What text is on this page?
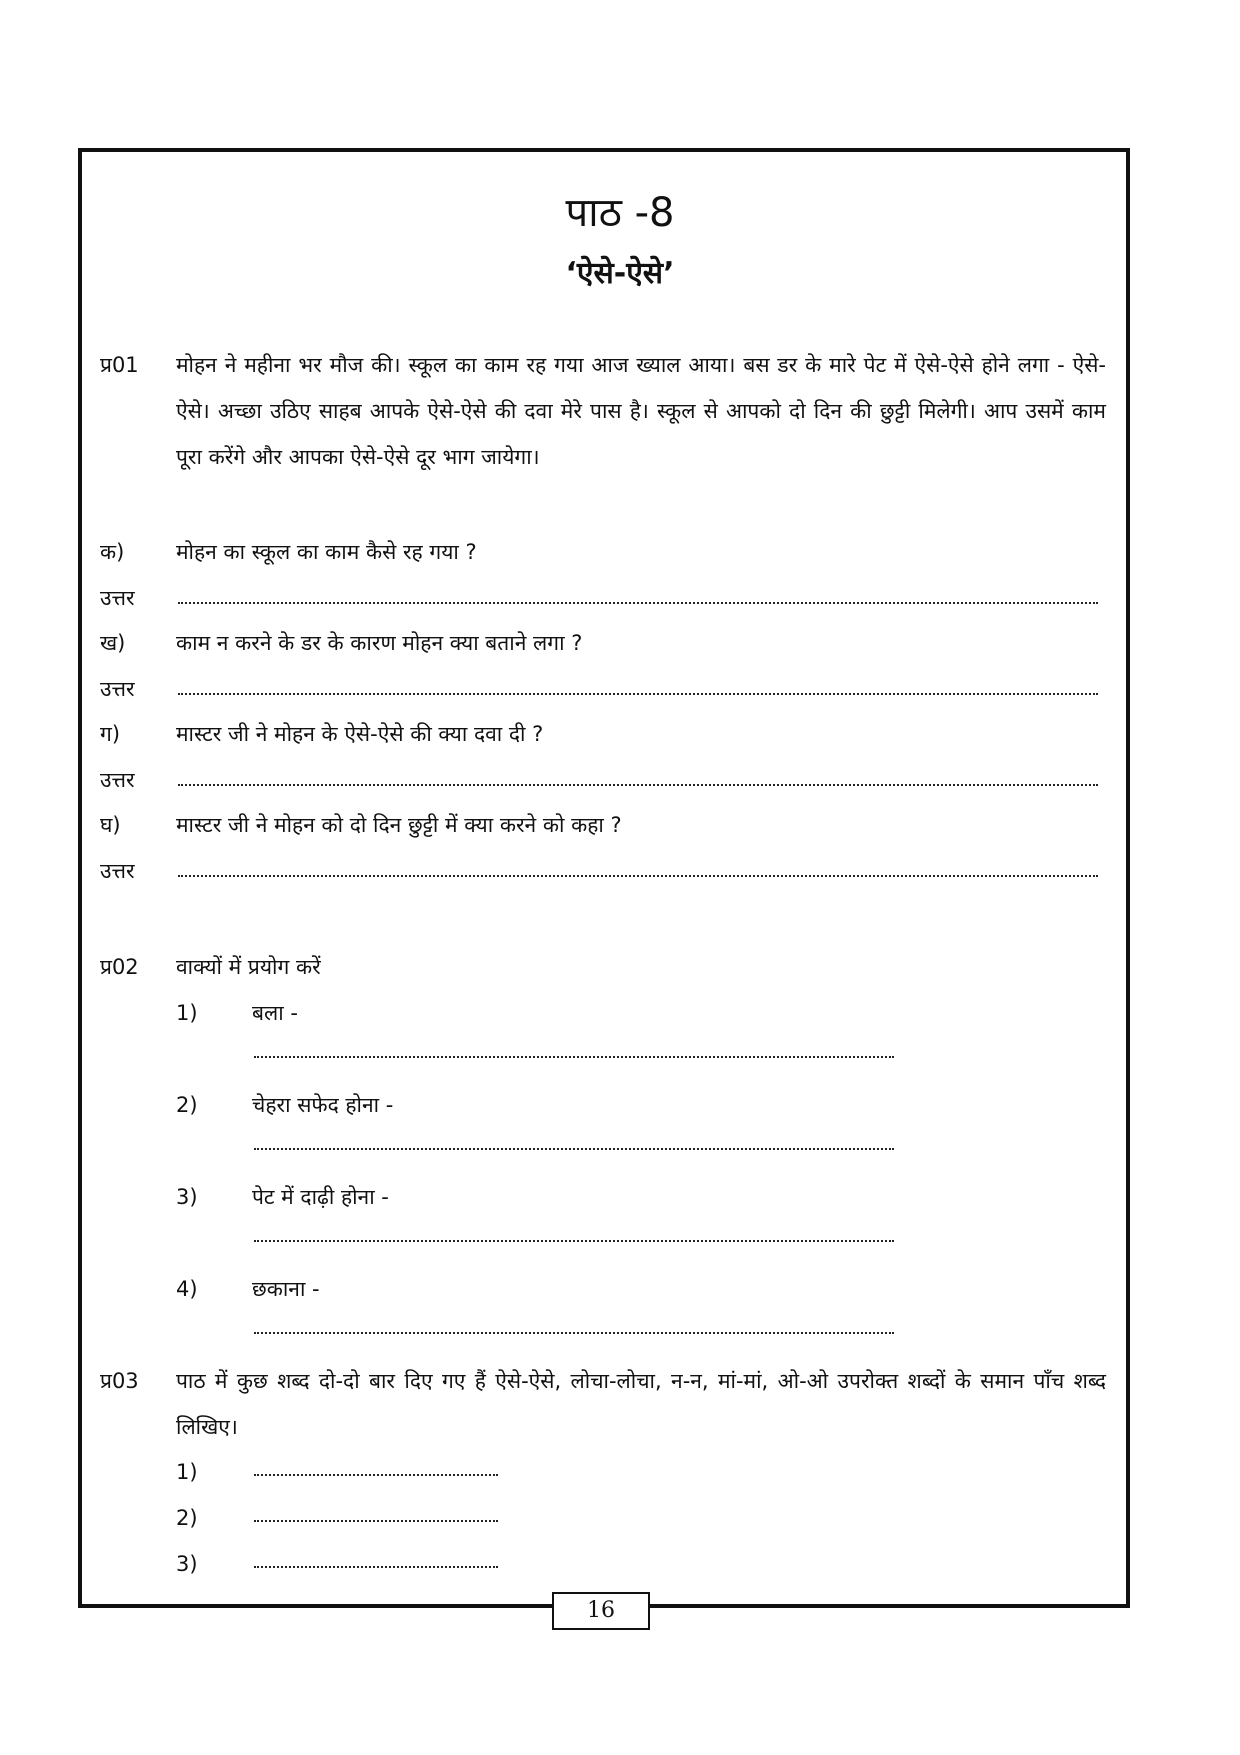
पाठ -8
‘ऐसे-ऐसे’
प्र01 मोहन ने महीना भर मौज की। स्कूल का काम रह गया आज ख्याल आया। बस डर के मारे पेट में ऐसे-ऐसे होने लगा - ऐसे-ऐसे। अच्छा उठिए साहब आपके ऐसे-ऐसे की दवा मेरे पास है। स्कूल से आपको दो दिन की छुट्टी मिलेगी। आप उसमें काम पूरा करेंगे और आपका ऐसे-ऐसे दूर भाग जायेगा।
क) मोहन का स्कूल का काम कैसे रह गया ?
उत्तर
ख) काम न करने के डर के कारण मोहन क्या बताने लगा ?
उत्तर
ग)	मास्टर जी ने मोहन के ऐसे-ऐसे की क्या दवा दी ?
उत्तर
घ)	मास्टर जी ने मोहन को दो दिन छुट्टी में क्या करने को कहा ?
उत्तर
प्र02 वाक्यों में प्रयोग करें
1)	बला -
2)	चेहरा सफेद होना -
3)	पेट में दाढ़ी होना -
4)	छकाना -
प्र03 पाठ में कुछ शब्द दो-दो बार दिए गए हैं ऐसे-ऐसे, लोचा-लोचा, न-न, मां-मां, ओ-ओ उपरोक्त शब्दों के समान पाँच शब्द लिखिए।
1)
2)
3)
16
